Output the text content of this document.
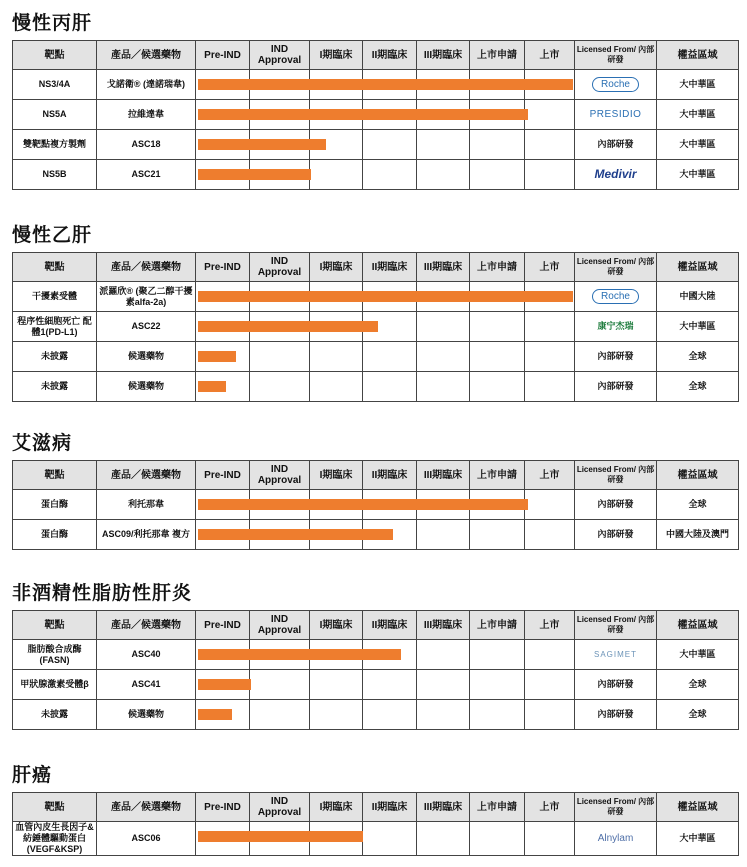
慢性丙肝
靶點	產品／候選藥物	Pre-IND	IND Approval	I期臨床	II期臨床	III期臨床	上市申請	上市	Licensed From/ 內部研發	權益區域
NS3/4A	戈諾衛® (達諾瑞韋)								Roche	大中華區
NS5A	拉維達韋								PRESIDIO	大中華區
雙靶點複方製劑	ASC18								內部研發	大中華區
NS5B	ASC21								Medivir	大中華區
慢性乙肝
靶點	產品／候選藥物	Pre-IND	IND Approval	I期臨床	II期臨床	III期臨床	上市申請	上市	Licensed From/ 內部研發	權益區域
干擾素受體	派羅欣® (聚乙二醇干擾素alfa-2a)								Roche	中國大陸
程序性細胞死亡 配體1(PD-L1)	ASC22								康宁杰瑞	大中華區
未披露	候選藥物								內部研發	全球
未披露	候選藥物								內部研發	全球
艾滋病
靶點	產品／候選藥物	Pre-IND	IND Approval	I期臨床	II期臨床	III期臨床	上市申請	上市	Licensed From/ 內部研發	權益區域
蛋白酶	利托那韋								內部研發	全球
蛋白酶	ASC09/利托那韋 複方								內部研發	中國大陸及澳門
非酒精性脂肪性肝炎
靶點	產品／候選藥物	Pre-IND	IND Approval	I期臨床	II期臨床	III期臨床	上市申請	上市	Licensed From/ 內部研發	權益區域
脂肪酸合成酶 (FASN)	ASC40								SAGIMET	大中華區
甲狀腺激素受體β	ASC41								內部研發	全球
未披露	候選藥物								內部研發	全球
肝癌
靶點	產品／候選藥物	Pre-IND	IND Approval	I期臨床	II期臨床	III期臨床	上市申請	上市	Licensed From/ 內部研發	權益區域
血管內皮生長因子& 紡錘體驅動蛋白 (VEGF&KSP)	ASC06								Alnylam	大中華區
